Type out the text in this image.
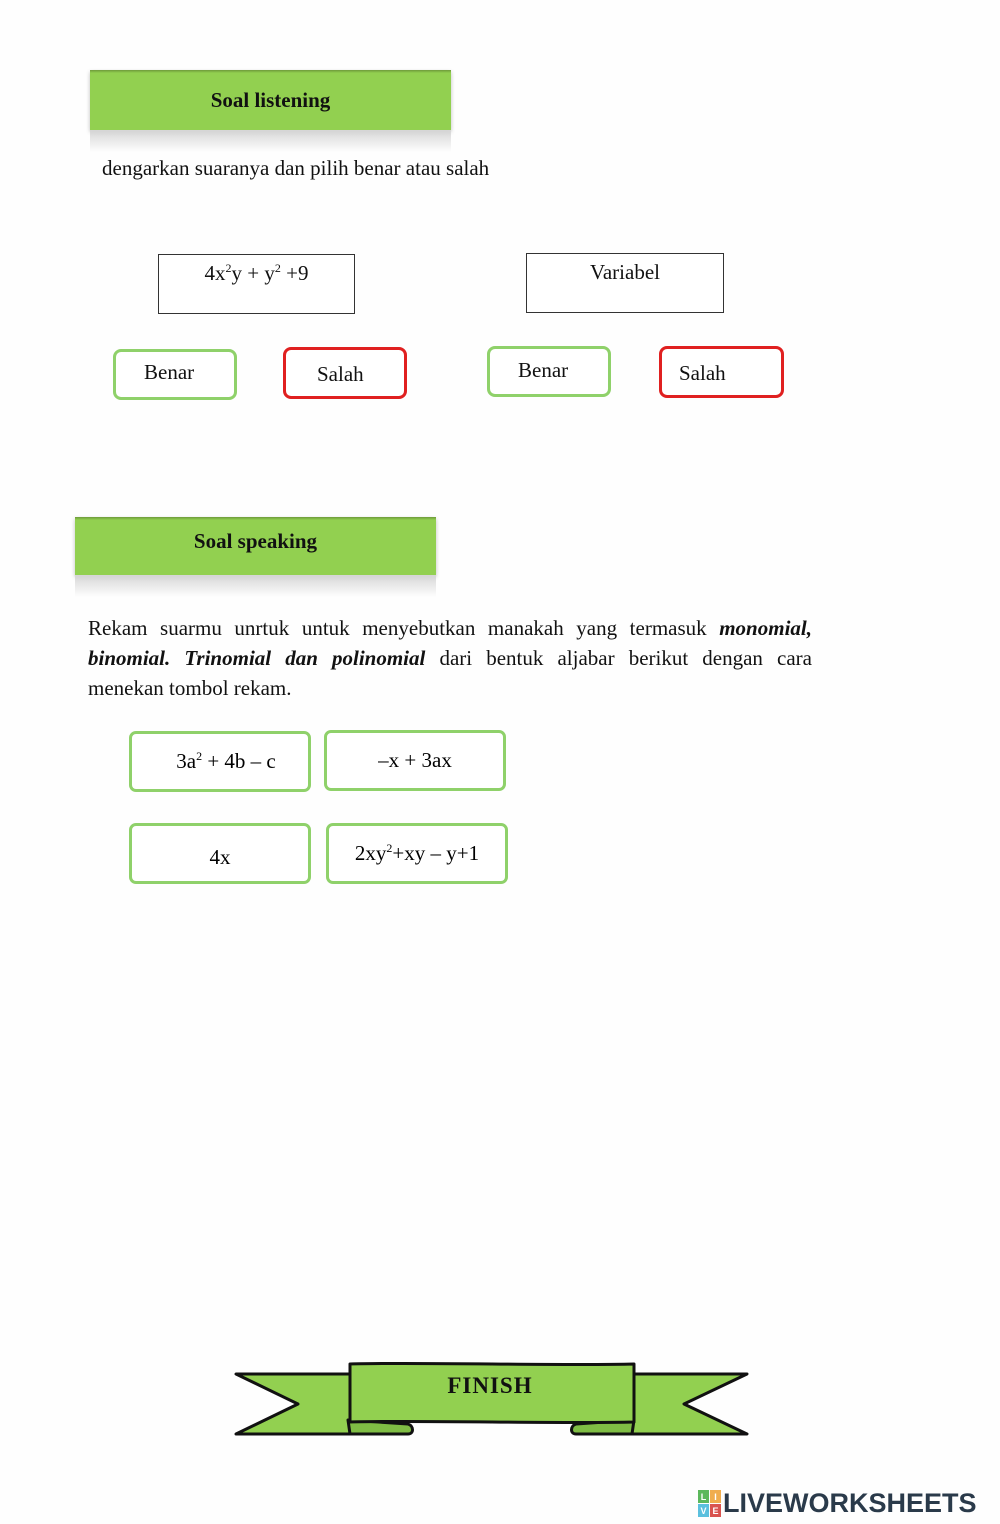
Soal listening
dengarkan suaranya dan pilih benar atau salah
$4x^2y + y^2 +9$
Benar	Salah
Variabel
Benar	Salah
Soal speaking
Rekam suarmu unrtuk untuk menyebutkan manakah yang termasuk monomial, binomial. Trinomial dan polinomial dari bentuk aljabar berikut dengan cara menekan tombol rekam.
$3a^2 + 4b - c$	–x + 3ax
4x	$2xy^2+xy - y+1$
FINISH
L I
V E LIVEWORKSHEETS
